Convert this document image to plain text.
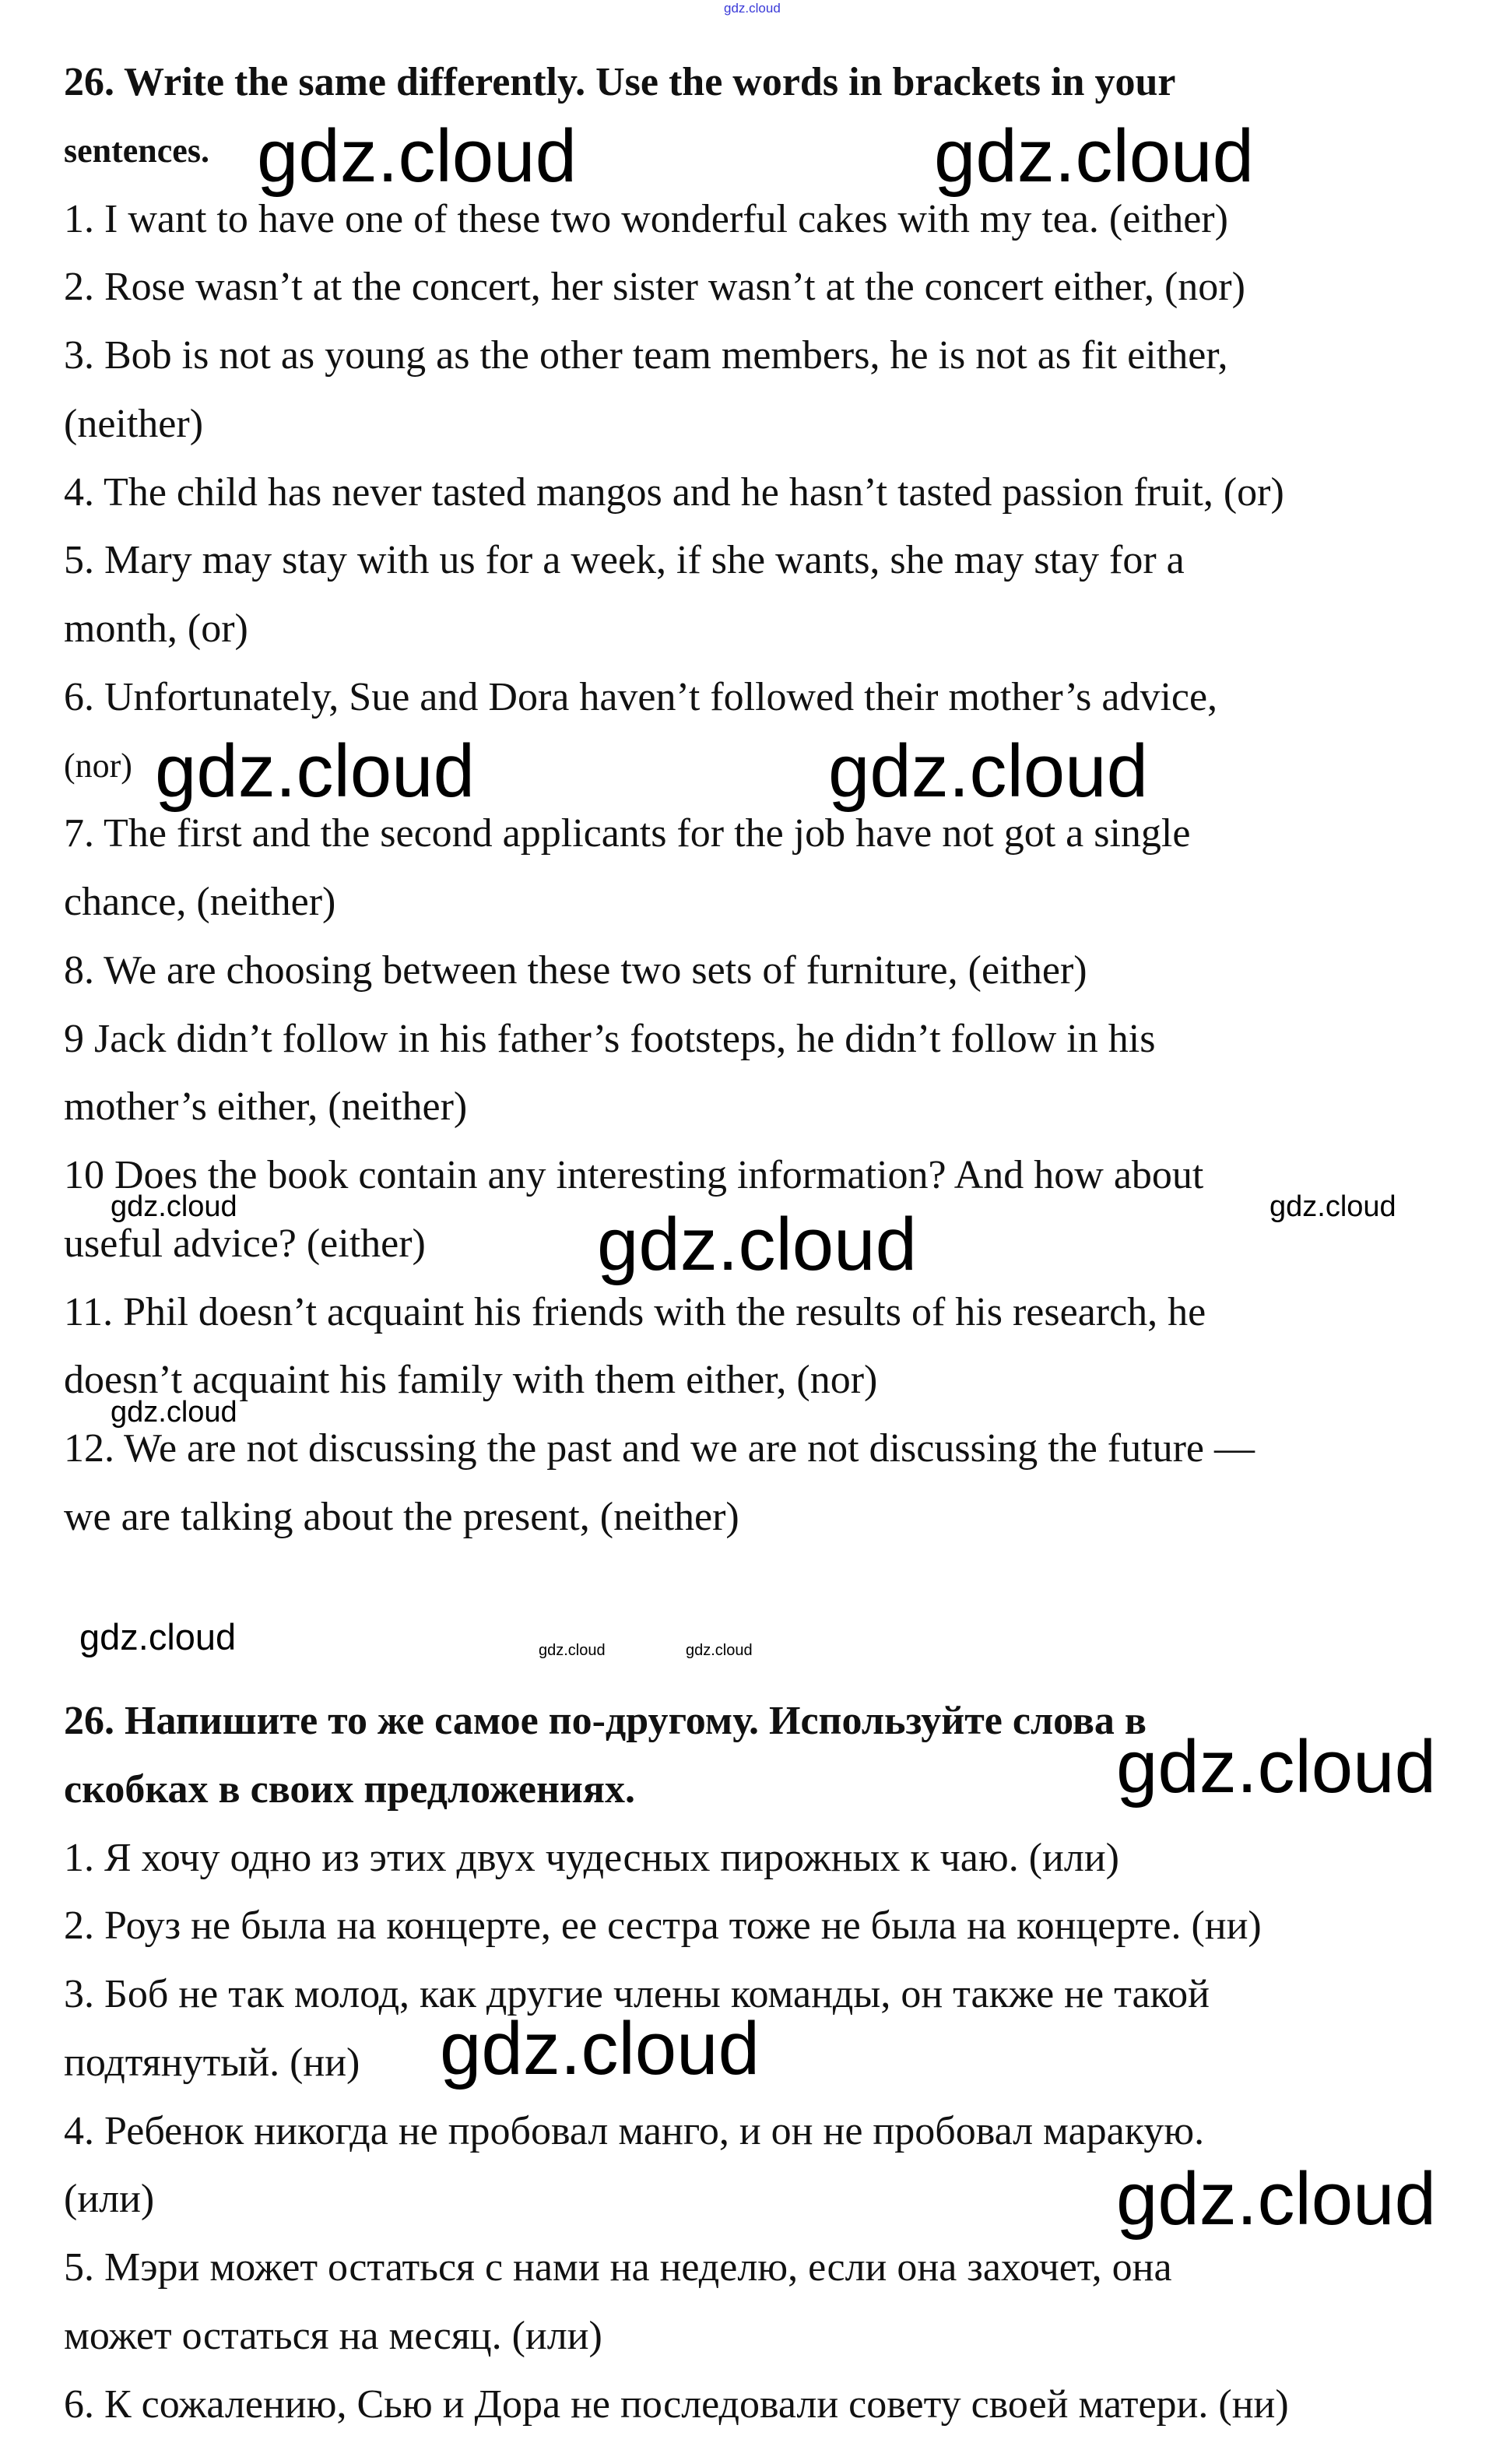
26. Write the same differently. Use the words in brackets in your
sentences.
1. I want to have one of these two wonderful cakes with my tea. (either)
2. Rose wasn’t at the concert, her sister wasn’t at the concert either, (nor)
3. Bob is not as young as the other team members, he is not as fit either,
(neither)
4. The child has never tasted mangos and he hasn’t tasted passion fruit, (or)
5. Mary may stay with us for a week, if she wants, she may stay for a
month, (or)
6. Unfortunately, Sue and Dora haven’t followed their mother’s advice,
(nor)
7. The first and the second applicants for the job have not got a single
chance, (neither)
8. We are choosing between these two sets of furniture, (either)
9 Jack didn’t follow in his father’s footsteps, he didn’t follow in his
mother’s either, (neither)
10 Does the book contain any interesting information? And how about
useful advice? (either)
11. Phil doesn’t acquaint his friends with the results of his research, he
doesn’t acquaint his family with them either, (nor)
12. We are not discussing the past and we are not discussing the future —
we are talking about the present, (neither)
26. Напишите то же самое по-другому. Используйте слова в
скобках в своих предложениях.
1. Я хочу одно из этих двух чудесных пирожных к чаю. (или)
2. Роуз не была на концерте, ее сестра тоже не была на концерте. (ни)
3. Боб не так молод, как другие члены команды, он также не такой
подтянутый. (ни)
4. Ребенок никогда не пробовал манго, и он не пробовал маракую.
(или)
5. Мэри может остаться с нами на неделю, если она захочет, она
может остаться на месяц. (или)
6. К сожалению, Сью и Дора не последовали совету своей матери. (ни)
gdz.cloud
gdz.cloud	gdz.cloud
gdz.cloud	gdz.cloud
gdz.cloud	gdz.cloud
gdz.cloud
gdz.cloud
gdz.cloud	gdz.cloud	gdz.cloud
gdz.cloud
gdz.cloud
gdz.cloud
